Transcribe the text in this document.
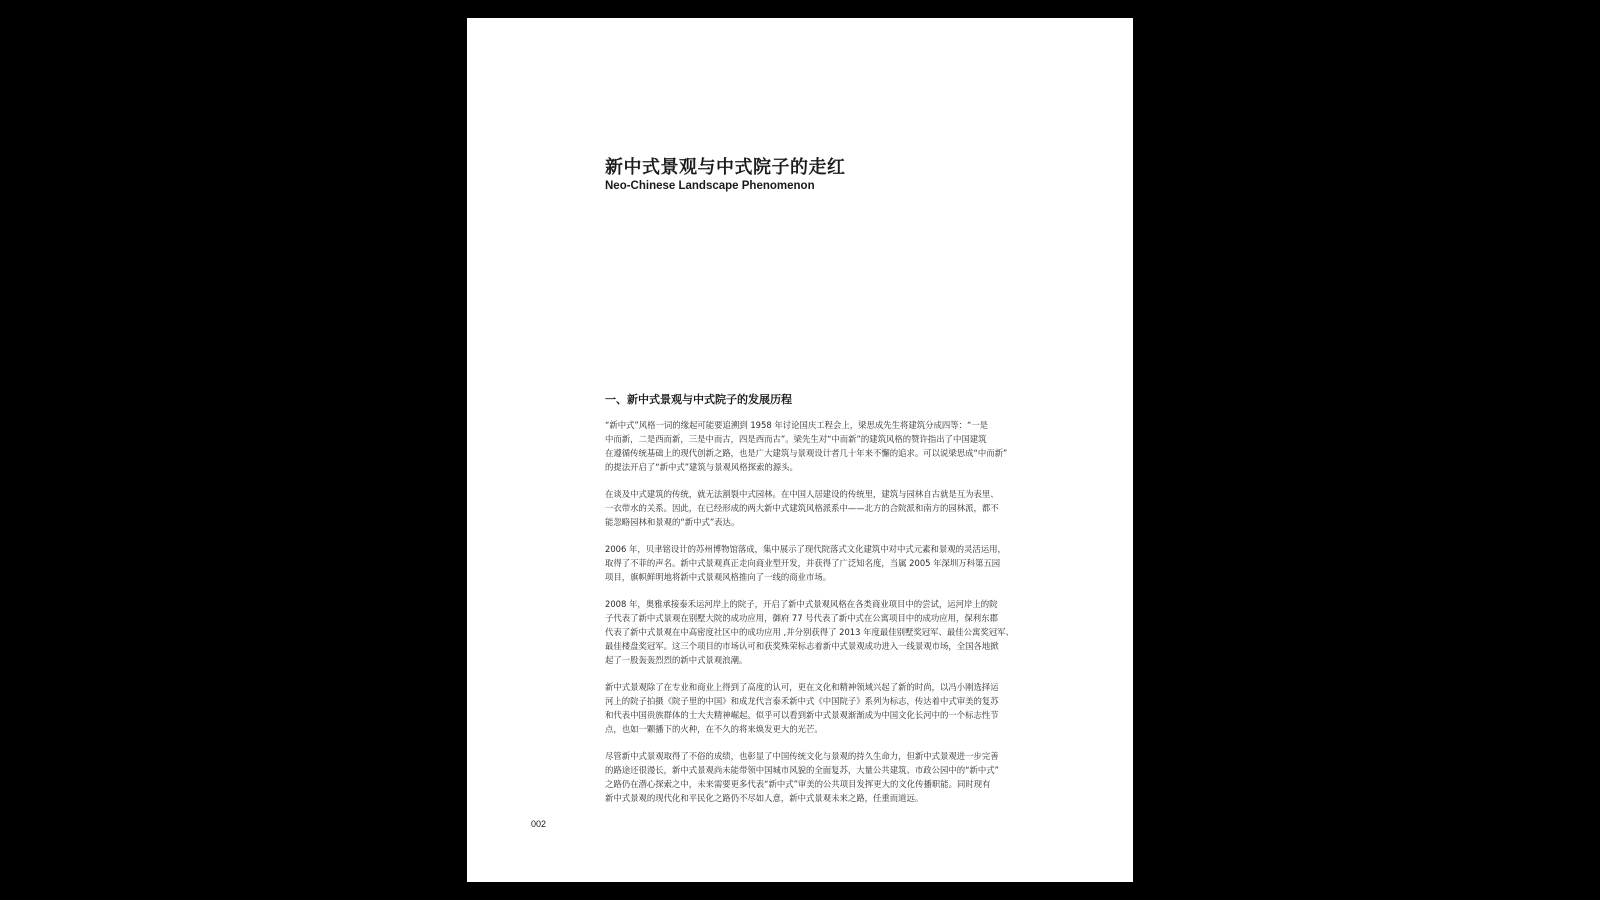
新中式景观与中式院子的走红
Neo-Chinese Landscape Phenomenon
一、新中式景观与中式院子的发展历程

“新中式”风格一词的缘起可能要追溯到 1958 年讨论国庆工程会上，梁思成先生将建筑分成四等：“一是
中而新，二是西而新，三是中而古，四是西而古”。梁先生对“中而新”的建筑风格的赞许指出了中国建筑
在遵循传统基础上的现代创新之路，也是广大建筑与景观设计者几十年来不懈的追求。可以说梁思成“中而新”
的提法开启了“新中式”建筑与景观风格探索的源头。

在谈及中式建筑的传统，就无法割裂中式园林。在中国人居建设的传统里，建筑与园林自古就是互为表里、
一衣带水的关系。因此，在已经形成的两大新中式建筑风格派系中——北方的合院派和南方的园林派，都不
能忽略园林和景观的“新中式”表达。

2006 年，贝聿铭设计的苏州博物馆落成，集中展示了现代院落式文化建筑中对中式元素和景观的灵活运用，
取得了不菲的声名。新中式景观真正走向商业型开发，并获得了广泛知名度，当属 2005 年深圳万科第五园
项目，旗帜鲜明地将新中式景观风格推向了一线的商业市场。

2008 年，奥雅承接泰禾运河岸上的院子，开启了新中式景观风格在各类商业项目中的尝试，运河岸上的院
子代表了新中式景观在别墅大院的成功应用，御府 77 号代表了新中式在公寓项目中的成功应用，保利东郡
代表了新中式景观在中高密度社区中的成功应用 ,并分别获得了 2013 年度最佳别墅奖冠军、最佳公寓奖冠军、
最佳楼盘奖冠军。这三个项目的市场认可和获奖殊荣标志着新中式景观成功进入一线景观市场，全国各地掀
起了一股轰轰烈烈的新中式景观浪潮。

新中式景观除了在专业和商业上得到了高度的认可，更在文化和精神领域兴起了新的时尚，以冯小刚选择运
河上的院子拍摄《院子里的中国》和成龙代言泰禾新中式《中国院子》系列为标志，传达着中式审美的复苏
和代表中国贵族群体的士大夫精神崛起。似乎可以看到新中式景观渐渐成为中国文化长河中的一个标志性节
点，也如一颗播下的火种，在不久的将来焕发更大的光芒。

尽管新中式景观取得了不俗的成绩，也彰显了中国传统文化与景观的持久生命力，但新中式景观进一步完善
的路途还很漫长，新中式景观尚未能带领中国城市风貌的全面复苏，大量公共建筑、市政公园中的“新中式”
之路仍在潜心探索之中，未来需要更多代表“新中式”审美的公共项目发挥更大的文化传播职能。同时现有
新中式景观的现代化和平民化之路仍不尽如人意，新中式景观未来之路，任重而道远。

002
